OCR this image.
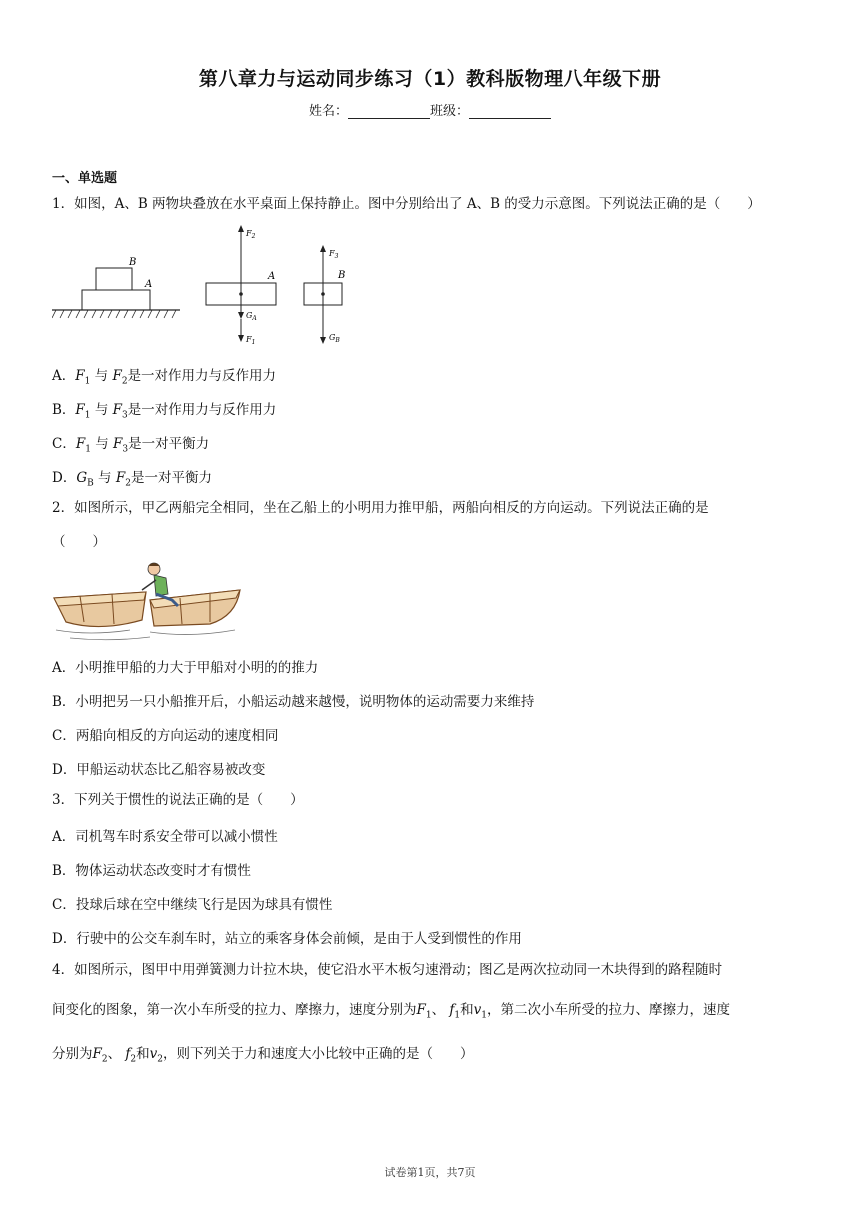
第八章力与运动同步练习（1）教科版物理八年级下册
姓名：	班级：
一、单选题
1．如图，A、B 两物块叠放在水平桌面上保持静止。图中分别给出了 A、B 的受力示意图。下列说法正确的是（　　）
B
A
$F_2$
A
$G_A$
$F_1$
$F_3$
B
$G_B$
A．$F_1$ 与 $F_2$是一对作用力与反作用力
B．$F_1$ 与 $F_3$是一对作用力与反作用力
C．$F_1$ 与 $F_3$是一对平衡力
D．$G_B$ 与 $F_2$是一对平衡力
2．如图所示，甲乙两船完全相同，坐在乙船上的小明用力推甲船，两船向相反的方向运动。下列说法正确的是
（　　）
A．小明推甲船的力大于甲船对小明的的推力
B．小明把另一只小船推开后，小船运动越来越慢，说明物体的运动需要力来维持
C．两船向相反的方向运动的速度相同
D．甲船运动状态比乙船容易被改变
3．下列关于惯性的说法正确的是（　　）
A．司机驾车时系安全带可以减小惯性
B．物体运动状态改变时才有惯性
C．投球后球在空中继续飞行是因为球具有惯性
D．行驶中的公交车刹车时，站立的乘客身体会前倾，是由于人受到惯性的作用
4．如图所示，图甲中用弹簧测力计拉木块，使它沿水平木板匀速滑动；图乙是两次拉动同一木块得到的路程随时
间变化的图象，第一次小车所受的拉力、摩擦力，速度分别为$F_1$、 $f_1$和$v_1$，第二次小车所受的拉力、摩擦力，速度
分别为$F_2$、 $f_2$和$v_2$，则下列关于力和速度大小比较中正确的是（　　）
试卷第1页，共7页
